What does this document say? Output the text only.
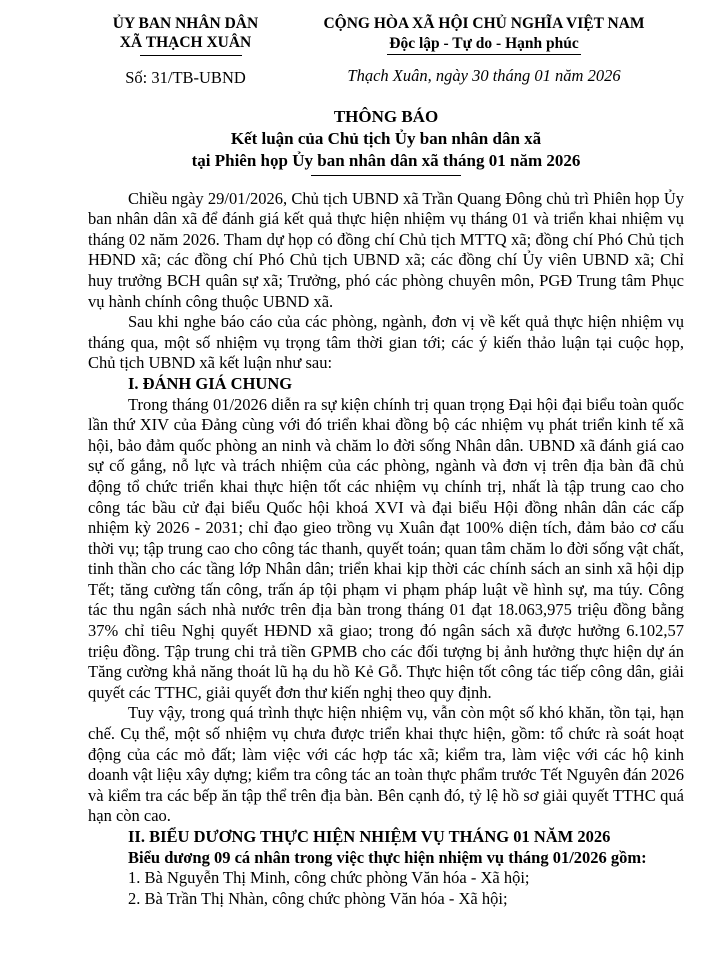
ỦY BAN NHÂN DÂN
XÃ THẠCH XUÂN
Số: 31/TB-UBND
CỘNG HÒA XÃ HỘI CHỦ NGHĨA VIỆT NAM
Độc lập - Tự do - Hạnh phúc
Thạch Xuân, ngày 30 tháng 01 năm 2026
THÔNG BÁO
Kết luận của Chủ tịch Ủy ban nhân dân xã
tại Phiên họp Ủy ban nhân dân xã tháng 01 năm 2026

Chiều ngày 29/01/2026, Chủ tịch UBND xã Trần Quang Đông chủ trì Phiên họp Ủy ban nhân dân xã để đánh giá kết quả thực hiện nhiệm vụ tháng 01 và triển khai nhiệm vụ tháng 02 năm 2026. Tham dự họp có đồng chí Chủ tịch MTTQ xã; đồng chí Phó Chủ tịch HĐND xã; các đồng chí Phó Chủ tịch UBND xã; các đồng chí Ủy viên UBND xã; Chỉ huy trưởng BCH quân sự xã; Trưởng, phó các phòng chuyên môn, PGĐ Trung tâm Phục vụ hành chính công thuộc UBND xã.

Sau khi nghe báo cáo của các phòng, ngành, đơn vị về kết quả thực hiện nhiệm vụ tháng qua, một số nhiệm vụ trọng tâm thời gian tới; các ý kiến thảo luận tại cuộc họp, Chủ tịch UBND xã kết luận như sau:

I. ĐÁNH GIÁ CHUNG

Trong tháng 01/2026 diễn ra sự kiện chính trị quan trọng Đại hội đại biểu toàn quốc lần thứ XIV của Đảng cùng với đó triển khai đồng bộ các nhiệm vụ phát triển kinh tế xã hội, bảo đảm quốc phòng an ninh và chăm lo đời sống Nhân dân. UBND xã đánh giá cao sự cố gắng, nỗ lực và trách nhiệm của các phòng, ngành và đơn vị trên địa bàn đã chủ động tổ chức triển khai thực hiện tốt các nhiệm vụ chính trị, nhất là tập trung cao cho công tác bầu cử đại biểu Quốc hội khoá XVI và đại biểu Hội đồng nhân dân các cấp nhiệm kỳ 2026 - 2031; chỉ đạo gieo trồng vụ Xuân đạt 100% diện tích, đảm bảo cơ cấu thời vụ; tập trung cao cho công tác thanh, quyết toán; quan tâm chăm lo đời sống vật chất, tinh thần cho các tầng lớp Nhân dân; triển khai kịp thời các chính sách an sinh xã hội dịp Tết; tăng cường tấn công, trấn áp tội phạm vi phạm pháp luật về hình sự, ma túy. Công tác thu ngân sách nhà nước trên địa bàn trong tháng 01 đạt 18.063,975 triệu đồng bằng 37% chỉ tiêu Nghị quyết HĐND xã giao; trong đó ngân sách xã được hưởng 6.102,57 triệu đồng. Tập trung chi trả tiền GPMB cho các đối tượng bị ảnh hưởng thực hiện dự án Tăng cường khả năng thoát lũ hạ du hồ Kẻ Gỗ. Thực hiện tốt công tác tiếp công dân, giải quyết các TTHC, giải quyết đơn thư kiến nghị theo quy định.

Tuy vậy, trong quá trình thực hiện nhiệm vụ, vẫn còn một số khó khăn, tồn tại, hạn chế. Cụ thể, một số nhiệm vụ chưa được triển khai thực hiện, gồm: tổ chức rà soát hoạt động của các mỏ đất; làm việc với các hợp tác xã; kiểm tra, làm việc với các hộ kinh doanh vật liệu xây dựng; kiểm tra công tác an toàn thực phẩm trước Tết Nguyên đán 2026 và kiểm tra các bếp ăn tập thể trên địa bàn. Bên cạnh đó, tỷ lệ hồ sơ giải quyết TTHC quá hạn còn cao.

II. BIỂU DƯƠNG THỰC HIỆN NHIỆM VỤ THÁNG 01 NĂM 2026
Biểu dương 09 cá nhân trong việc thực hiện nhiệm vụ tháng 01/2026 gồm:
1. Bà Nguyễn Thị Minh, công chức phòng Văn hóa - Xã hội;
2. Bà Trần Thị Nhàn, công chức phòng Văn hóa - Xã hội;
